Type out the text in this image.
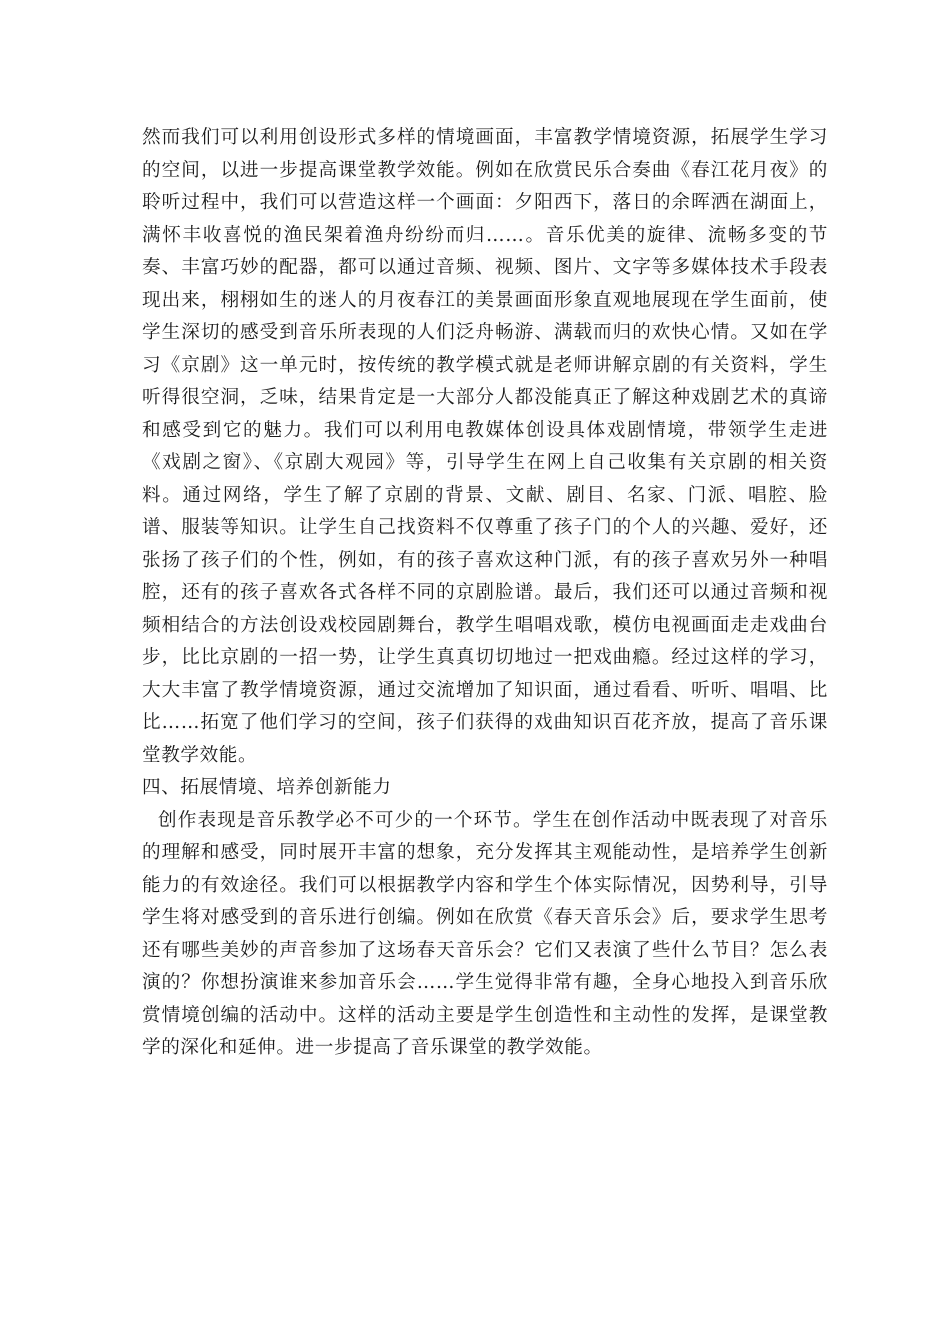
然而我们可以利用创设形式多样的情境画面，丰富教学情境资源，拓展学生学习的空间，以进一步提高课堂教学效能。例如在欣赏民乐合奏曲《春江花月夜》的聆听过程中，我们可以营造这样一个画面：夕阳西下，落日的余晖洒在湖面上，满怀丰收喜悦的渔民架着渔舟纷纷而归……。音乐优美的旋律、流畅多变的节奏、丰富巧妙的配器，都可以通过音频、视频、图片、文字等多媒体技术手段表现出来，栩栩如生的迷人的月夜春江的美景画面形象直观地展现在学生面前，使学生深切的感受到音乐所表现的人们泛舟畅游、满载而归的欢快心情。又如在学习《京剧》这一单元时，按传统的教学模式就是老师讲解京剧的有关资料，学生听得很空洞，乏味，结果肯定是一大部分人都没能真正了解这种戏剧艺术的真谛和感受到它的魅力。我们可以利用电教媒体创设具体戏剧情境，带领学生走进《戏剧之窗》、《京剧大观园》等，引导学生在网上自己收集有关京剧的相关资料。通过网络，学生了解了京剧的背景、文献、剧目、名家、门派、唱腔、脸谱、服装等知识。让学生自己找资料不仅尊重了孩子门的个人的兴趣、爱好，还张扬了孩子们的个性，例如，有的孩子喜欢这种门派，有的孩子喜欢另外一种唱腔，还有的孩子喜欢各式各样不同的京剧脸谱。最后，我们还可以通过音频和视频相结合的方法创设戏校园剧舞台，教学生唱唱戏歌，模仿电视画面走走戏曲台步，比比京剧的一招一势，让学生真真切切地过一把戏曲瘾。经过这样的学习，大大丰富了教学情境资源，通过交流增加了知识面，通过看看、听听、唱唱、比比……拓宽了他们学习的空间，孩子们获得的戏曲知识百花齐放，提高了音乐课堂教学效能。

四、拓展情境、培养创新能力

创作表现是音乐教学必不可少的一个环节。学生在创作活动中既表现了对音乐的理解和感受，同时展开丰富的想象，充分发挥其主观能动性，是培养学生创新能力的有效途径。我们可以根据教学内容和学生个体实际情况，因势利导，引导学生将对感受到的音乐进行创编。例如在欣赏《春天音乐会》后，要求学生思考还有哪些美妙的声音参加了这场春天音乐会？它们又表演了些什么节目？怎么表演的？你想扮演谁来参加音乐会……学生觉得非常有趣，全身心地投入到音乐欣赏情境创编的活动中。这样的活动主要是学生创造性和主动性的发挥，是课堂教学的深化和延伸。进一步提高了音乐课堂的教学效能。
